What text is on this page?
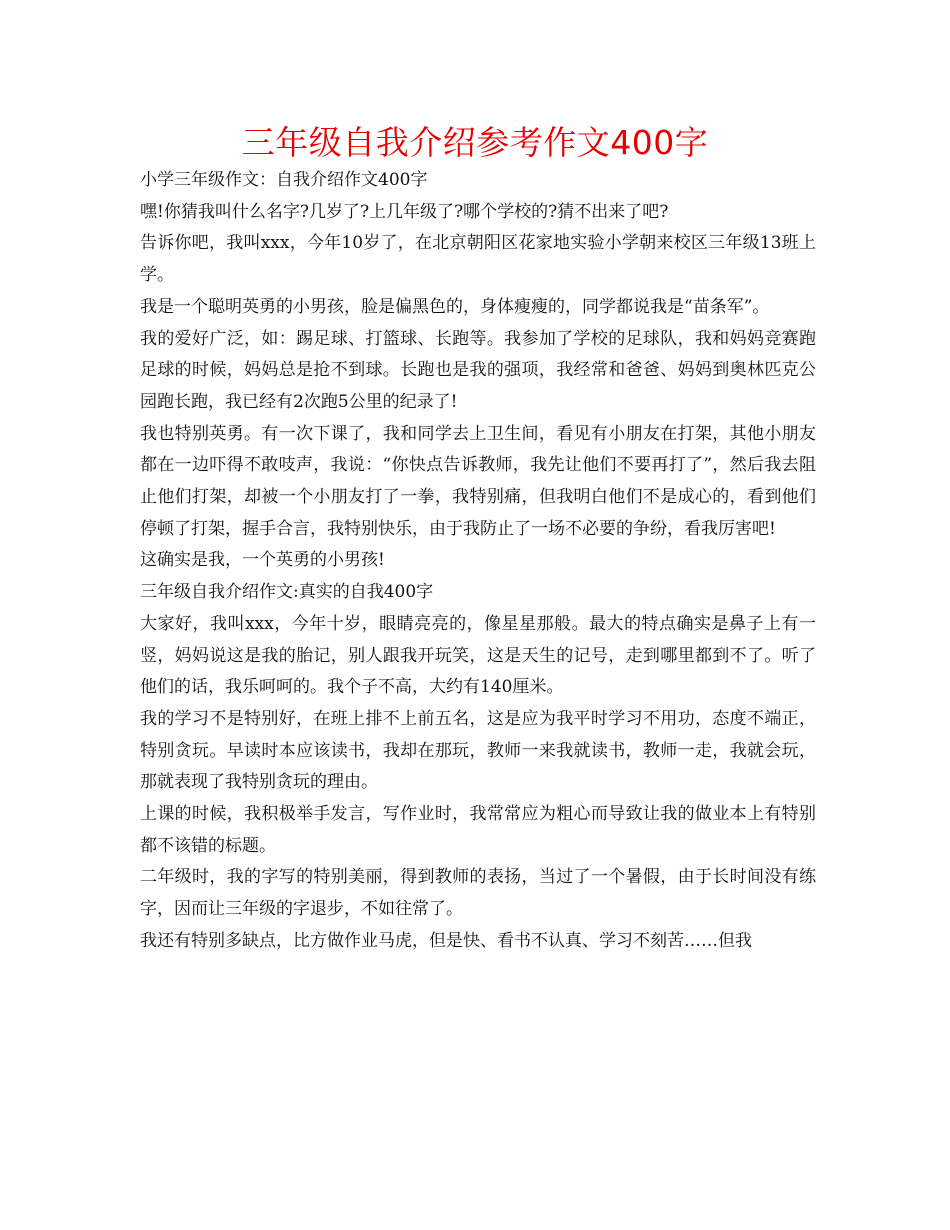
三年级自我介绍参考作文400字

小学三年级作文：自我介绍作文400字

嘿!你猜我叫什么名字?几岁了?上几年级了?哪个学校的?猜不出来了吧?

告诉你吧，我叫xxx，今年10岁了，在北京朝阳区花家地实验小学朝来校区三年级13班上学。

我是一个聪明英勇的小男孩，脸是偏黑色的，身体瘦瘦的，同学都说我是“苗条军”。

我的爱好广泛，如：踢足球、打篮球、长跑等。我参加了学校的足球队，我和妈妈竞赛跑足球的时候，妈妈总是抢不到球。长跑也是我的强项，我经常和爸爸、妈妈到奥林匹克公园跑长跑，我已经有2次跑5公里的纪录了!

我也特别英勇。有一次下课了，我和同学去上卫生间，看见有小朋友在打架，其他小朋友都在一边吓得不敢吱声，我说：“你快点告诉教师，我先让他们不要再打了”，然后我去阻止他们打架，却被一个小朋友打了一拳，我特别痛，但我明白他们不是成心的，看到他们停顿了打架，握手合言，我特别快乐，由于我防止了一场不必要的争纷，看我厉害吧!

这确实是我，一个英勇的小男孩!

三年级自我介绍作文:真实的自我400字

大家好，我叫xxx，今年十岁，眼睛亮亮的，像星星那般。最大的特点确实是鼻子上有一竖，妈妈说这是我的胎记，别人跟我开玩笑，这是天生的记号，走到哪里都到不了。听了他们的话，我乐呵呵的。我个子不高，大约有140厘米。

我的学习不是特别好，在班上排不上前五名，这是应为我平时学习不用功，态度不端正，特别贪玩。早读时本应该读书，我却在那玩，教师一来我就读书，教师一走，我就会玩，那就表现了我特别贪玩的理由。

上课的时候，我积极举手发言，写作业时，我常常应为粗心而导致让我的做业本上有特别都不该错的标题。

二年级时，我的字写的特别美丽，得到教师的表扬，当过了一个暑假，由于长时间没有练字，因而让三年级的字退步，不如往常了。

我还有特别多缺点，比方做作业马虎，但是快、看书不认真、学习不刻苦……但我
